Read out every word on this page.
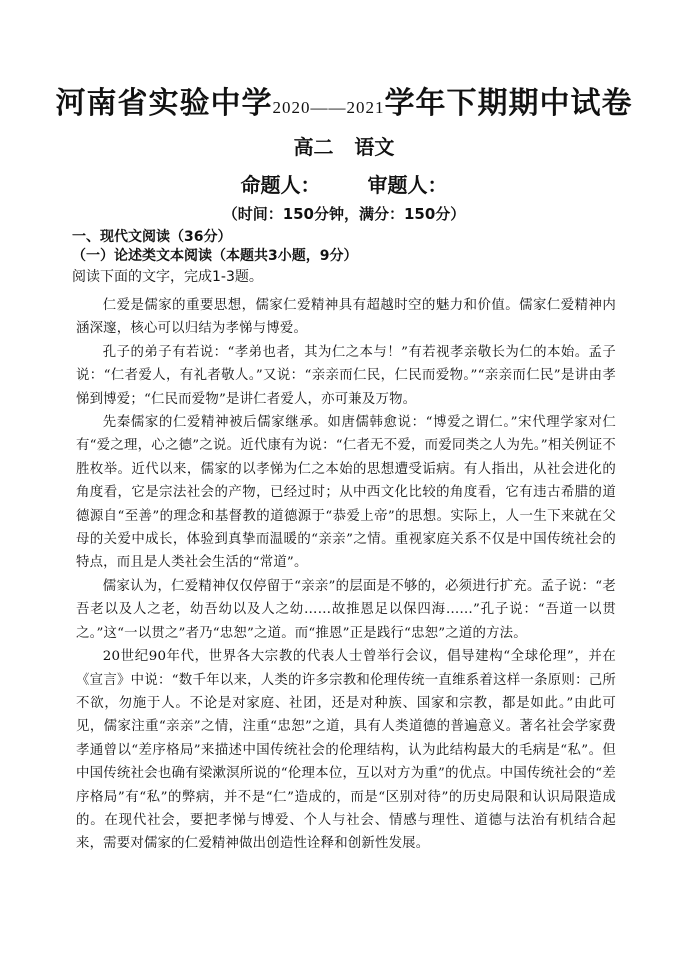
河南省实验中学2020——2021学年下期期中试卷
高二   语文
命题人： 审题人：
（时间：150分钟，满分：150分）
一、现代文阅读（36分）
（一）论述类文本阅读（本题共3小题，9分）
阅读下面的文字，完成1-3题。

仁爱是儒家的重要思想，儒家仁爱精神具有超越时空的魅力和价值。儒家仁爱精神内涵深邃，核心可以归结为孝悌与博爱。

孔子的弟子有若说：“孝弟也者，其为仁之本与！”有若视孝亲敬长为仁的本始。孟子说：“仁者爱人，有礼者敬人。”又说：“亲亲而仁民，仁民而爱物。”“亲亲而仁民”是讲由孝悌到博爱；“仁民而爱物”是讲仁者爱人，亦可兼及万物。

先秦儒家的仁爱精神被后儒家继承。如唐儒韩愈说：“博爱之谓仁。”宋代理学家对仁有“爱之理，心之德”之说。近代康有为说：“仁者无不爱，而爱同类之人为先。”相关例证不胜枚举。近代以来，儒家的以孝悌为仁之本始的思想遭受诟病。有人指出，从社会进化的角度看，它是宗法社会的产物，已经过时；从中西文化比较的角度看，它有违古希腊的道德源自“至善”的理念和基督教的道德源于“恭爱上帝”的思想。实际上，人一生下来就在父母的关爱中成长，体验到真挚而温暖的“亲亲”之情。重视家庭关系不仅是中国传统社会的特点，而且是人类社会生活的“常道”。

儒家认为，仁爱精神仅仅停留于“亲亲”的层面是不够的，必须进行扩充。孟子说：“老吾老以及人之老，幼吾幼以及人之幼……故推恩足以保四海……”孔子说：“吾道一以贯之。”这“一以贯之”者乃“忠恕”之道。而“推恩”正是践行“忠恕”之道的方法。

20世纪90年代，世界各大宗教的代表人士曾举行会议，倡导建构“全球伦理”，并在《宣言》中说：“数千年以来，人类的许多宗教和伦理传统一直维系着这样一条原则：己所不欲，勿施于人。不论是对家庭、社团，还是对种族、国家和宗教，都是如此。”由此可见，儒家注重“亲亲”之情，注重“忠恕”之道，具有人类道德的普遍意义。著名社会学家费孝通曾以“差序格局”来描述中国传统社会的伦理结构，认为此结构最大的毛病是“私”。但中国传统社会也确有梁漱溟所说的“伦理本位，互以对方为重”的优点。中国传统社会的“差序格局”有“私”的弊病，并不是“仁”造成的，而是“区别对待”的历史局限和认识局限造成的。在现代社会，要把孝悌与博爱、个人与社会、情感与理性、道德与法治有机结合起来，需要对儒家的仁爱精神做出创造性诠释和创新性发展。
